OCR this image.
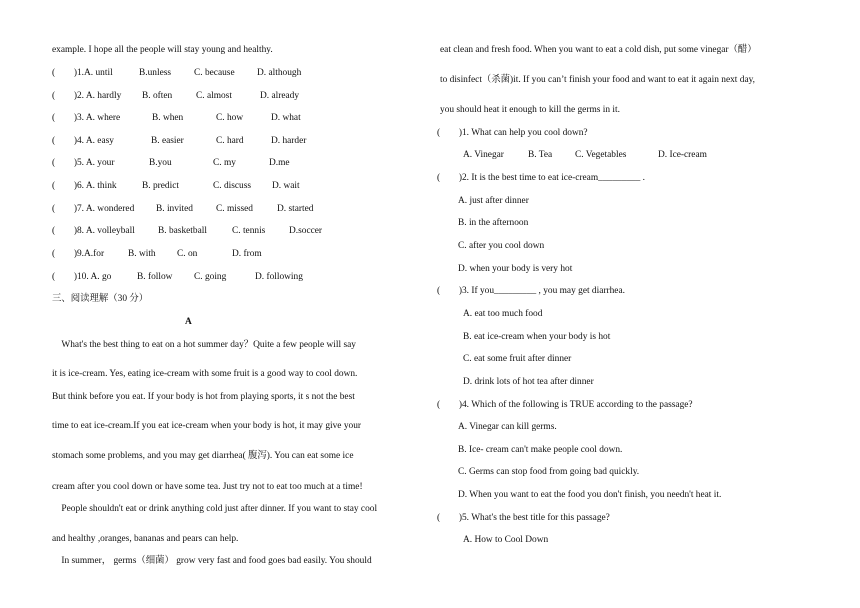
example. I hope all the people will stay young and healthy.
(　　)1.A. until	B.unless C. because D. although
(　　)2. A. hardly B. often	C. almost	D. already
(　　)3. A. where	B. when	C. how	D. what
(　　)4. A. easy	B. easier	C. hard	D. harder
(　　)5. A. your	B.you	C. my	D.me
(　　)6. A. think	B. predict	C. discuss D. wait
(　　)7. A. wondered B. invited C. missed	D. started
(　　)8. A. volleyball B. basketball	C. tennis	D.soccer
(　　)9.A.for	B. with C. on	D. from
(　　)10. A. go	B. follow C. going	D. following
三、阅读理解（30 分）
A
　What's the best thing to eat on a hot summer day？Quite a few people will say
it is ice-cream. Yes, eating ice-cream with some fruit is a good way to cool down.
But think before you eat. If your body is hot from playing sports, it s not the best
time to eat ice-cream.If you eat ice-cream when your body is hot, it may give your
stomach some problems, and you may get diarrhea( 腹泻). You can eat some ice
cream after you cool down or have some tea. Just try not to eat too much at a time!
　People shouldn't eat or drink anything cold just after dinner. If you want to stay cool
and healthy ,oranges, bananas and pears can help.
　In summer， germs（细菌） grow very fast and food goes bad easily. You should
eat clean and fresh food. When you want to eat a cold dish, put some vinegar（醋）
to disinfect（杀菌)it. If you can’t finish your food and want to eat it again next day,
you should heat it enough to kill the germs in it.
(　　)1. What can help you cool down?
A. Vinegar	B. Tea C. Vegetables	D. Ice-cream
(　　)2. It is the best time to eat ice-cream_________ .
A. just after dinner
B. in the afternoon
C. after you cool down
D. when your body is very hot
(　　)3. If you_________ , you may get diarrhea.
A. eat too much food
B. eat ice-cream when your body is hot
C. eat some fruit after dinner
D. drink lots of hot tea after dinner
(　　)4. Which of the following is TRUE according to the passage?
A. Vinegar can kill germs.
B. Ice- cream can't make people cool down.
C. Germs can stop food from going bad quickly.
D. When you want to eat the food you don't finish, you needn't heat it.
(　　)5. What's the best title for this passage?
A. How to Cool Down
